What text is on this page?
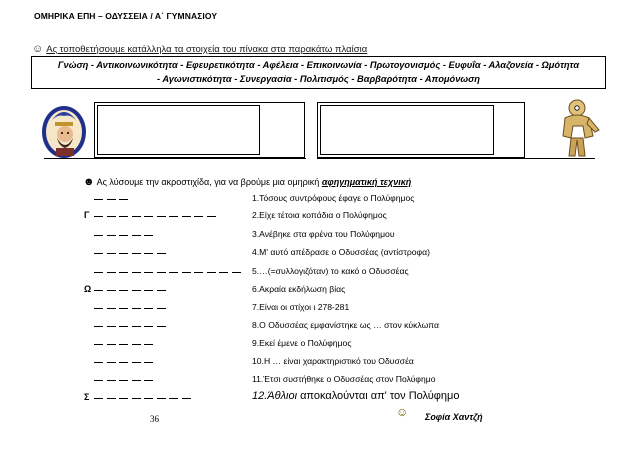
ΟΜΗΡΙΚΑ ΕΠΗ – ΟΔΥΣΣΕΙΑ / Α΄ ΓΥΜΝΑΣΙΟΥ
☺ Ας τοποθετήσουμε κατάλληλα τα στοιχεία του πίνακα στα παρακάτω πλαίσια
Γνώση - Αντικοινωνικότητα - Εφευρετικότητα - Αφέλεια - Επικοινωνία - Πρωτογονισμός - Ευφυΐα - Αλαζονεία - Ωμότητα
- Αγωνιστικότητα - Συνεργασία - Πολιτισμός - Βαρβαρότητα - Απομόνωση
☻ Ας λύσουμε την ακροστιχίδα, για να βρούμε μια ομηρική αφηγηματική τεχνική
1.Τόσους συντρόφους έφαγε ο Πολύφημος
Γ	2.Είχε τέτοια κοπάδια ο Πολύφημος
3.Ανέβηκε στα φρένα του Πολύφημου
4.Μ' αυτό απέδρασε ο Οδυσσέας (αντίστροφα)
5.…(=συλλογιζόταν) το κακό ο Οδυσσέας
Ω	6.Ακραία εκδήλωση βίας
7.Είναι οι στίχοι ι 278-281
8.Ο Οδυσσέας εμφανίστηκε ως … στον κύκλωπα
9.Εκεί έμενε ο Πολύφημος
10.Η … είναι χαρακτηριστικό του Οδυσσέα
11.Έτσι συστήθηκε ο Οδυσσέας στον Πολύφημο
Σ	12.Άθλιοι αποκαλούνται απ' τον Πολύφημο
36	☺ Σοφία Χαντζή
